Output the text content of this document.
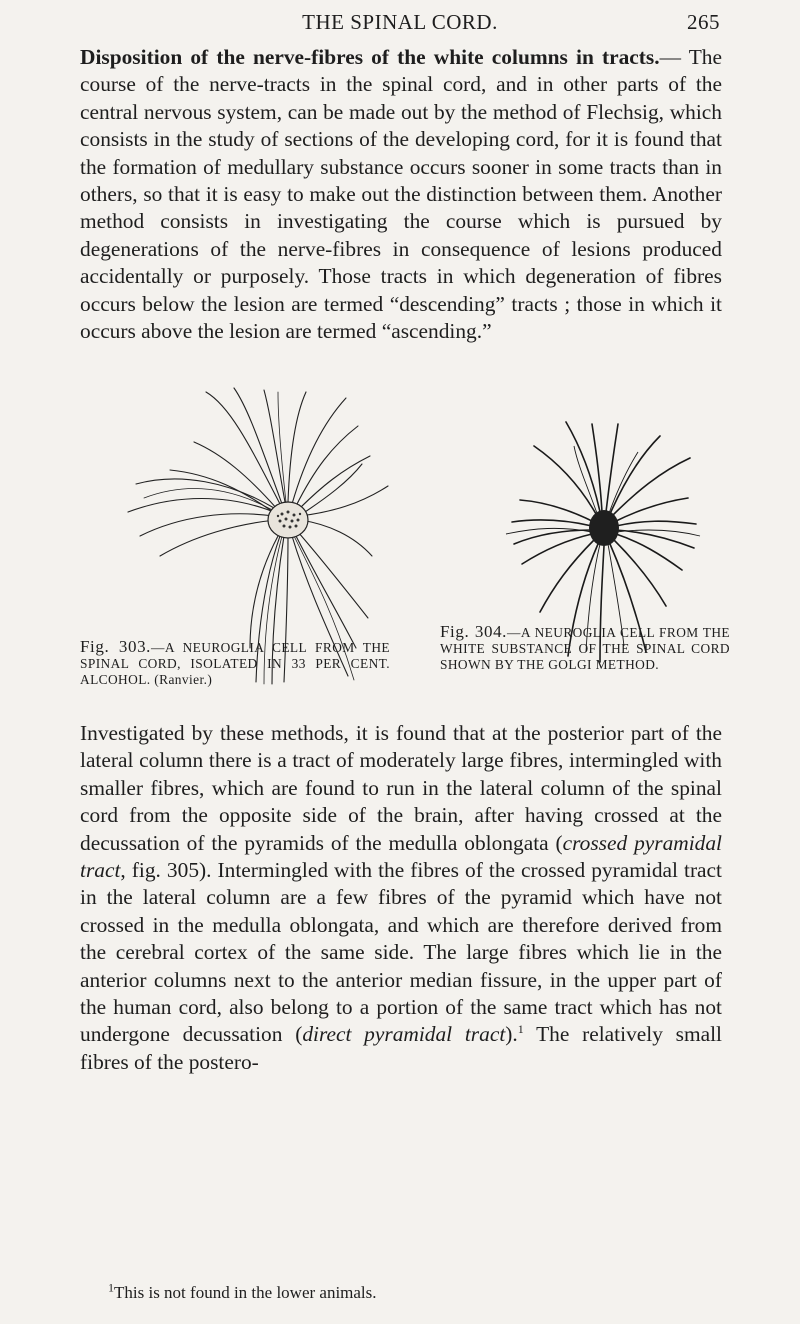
THE SPINAL CORD.	265

Disposition of the nerve-fibres of the white columns in tracts.— The course of the nerve-tracts in the spinal cord, and in other parts of the central nervous system, can be made out by the method of Flechsig, which consists in the study of sections of the developing cord, for it is found that the formation of medullary substance occurs sooner in some tracts than in others, so that it is easy to make out the distinction between them. Another method consists in investigating the course which is pursued by degenerations of the nerve-fibres in consequence of lesions produced accidentally or purposely. Those tracts in which degeneration of fibres occurs below the lesion are termed “descending” tracts ; those in which it occurs above the lesion are termed “ascending.”

Fig. 303.—A NEUROGLIA CELL FROM THE SPINAL CORD, ISOLATED IN 33 PER CENT. ALCOHOL. (Ranvier.)
Fig. 304.—A NEUROGLIA CELL FROM THE WHITE SUBSTANCE OF THE SPINAL CORD SHOWN BY THE GOLGI METHOD.

Investigated by these methods, it is found that at the posterior part of the lateral column there is a tract of moderately large fibres, intermingled with smaller fibres, which are found to run in the lateral column of the spinal cord from the opposite side of the brain, after having crossed at the decussation of the pyramids of the medulla oblongata (crossed pyramidal tract, fig. 305). Intermingled with the fibres of the crossed pyramidal tract in the lateral column are a few fibres of the pyramid which have not crossed in the medulla oblongata, and which are therefore derived from the cerebral cortex of the same side. The large fibres which lie in the anterior columns next to the anterior median fissure, in the upper part of the human cord, also belong to a portion of the same tract which has not undergone decussation (direct pyramidal tract).$^1$ The relatively small fibres of the postero-

$^1$This is not found in the lower animals.
